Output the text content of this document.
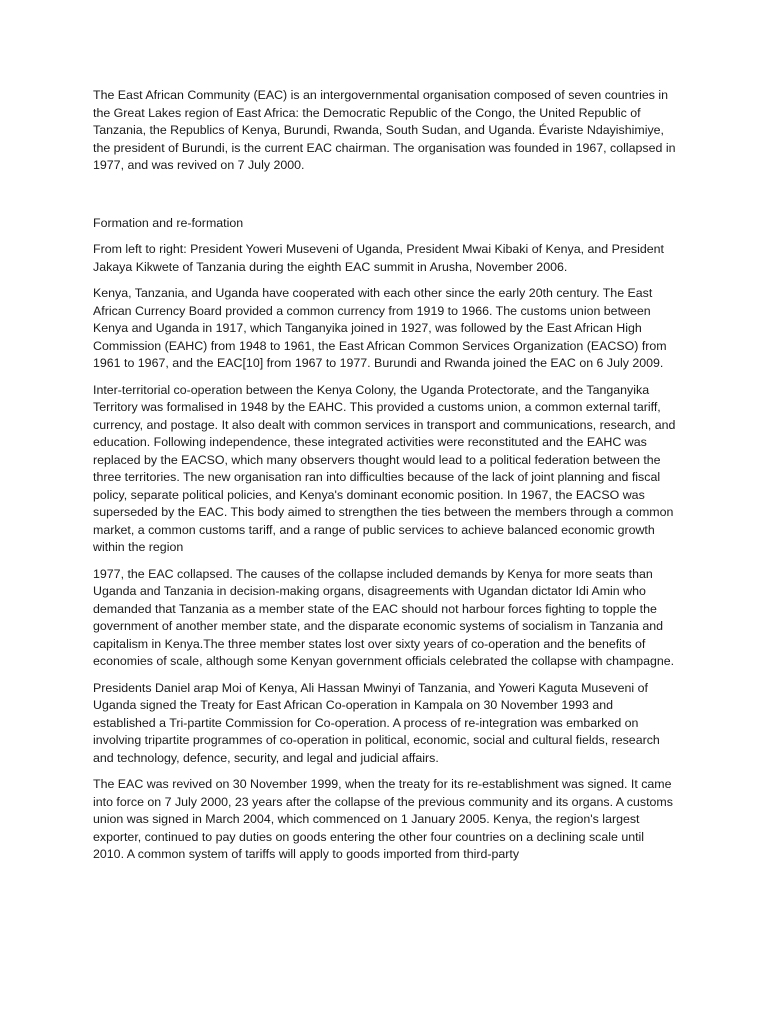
The East African Community (EAC) is an intergovernmental organisation composed of seven countries in the Great Lakes region of East Africa: the Democratic Republic of the Congo, the United Republic of Tanzania, the Republics of Kenya, Burundi, Rwanda, South Sudan, and Uganda. Évariste Ndayishimiye, the president of Burundi, is the current EAC chairman. The organisation was founded in 1967, collapsed in 1977, and was revived on 7 July 2000.

Formation and re-formation

From left to right: President Yoweri Museveni of Uganda, President Mwai Kibaki of Kenya, and President Jakaya Kikwete of Tanzania during the eighth EAC summit in Arusha, November 2006.

Kenya, Tanzania, and Uganda have cooperated with each other since the early 20th century. The East African Currency Board provided a common currency from 1919 to 1966. The customs union between Kenya and Uganda in 1917, which Tanganyika joined in 1927, was followed by the East African High Commission (EAHC) from 1948 to 1961, the East African Common Services Organization (EACSO) from 1961 to 1967, and the EAC[10] from 1967 to 1977. Burundi and Rwanda joined the EAC on 6 July 2009.

Inter-territorial co-operation between the Kenya Colony, the Uganda Protectorate, and the Tanganyika Territory was formalised in 1948 by the EAHC. This provided a customs union, a common external tariff, currency, and postage. It also dealt with common services in transport and communications, research, and education. Following independence, these integrated activities were reconstituted and the EAHC was replaced by the EACSO, which many observers thought would lead to a political federation between the three territories. The new organisation ran into difficulties because of the lack of joint planning and fiscal policy, separate political policies, and Kenya's dominant economic position. In 1967, the EACSO was superseded by the EAC. This body aimed to strengthen the ties between the members through a common market, a common customs tariff, and a range of public services to achieve balanced economic growth within the region

1977, the EAC collapsed. The causes of the collapse included demands by Kenya for more seats than Uganda and Tanzania in decision-making organs, disagreements with Ugandan dictator Idi Amin who demanded that Tanzania as a member state of the EAC should not harbour forces fighting to topple the government of another member state, and the disparate economic systems of socialism in Tanzania and capitalism in Kenya.The three member states lost over sixty years of co-operation and the benefits of economies of scale, although some Kenyan government officials celebrated the collapse with champagne.

Presidents Daniel arap Moi of Kenya, Ali Hassan Mwinyi of Tanzania, and Yoweri Kaguta Museveni of Uganda signed the Treaty for East African Co-operation in Kampala on 30 November 1993 and established a Tri-partite Commission for Co-operation. A process of re-integration was embarked on involving tripartite programmes of co-operation in political, economic, social and cultural fields, research and technology, defence, security, and legal and judicial affairs.

The EAC was revived on 30 November 1999, when the treaty for its re-establishment was signed. It came into force on 7 July 2000, 23 years after the collapse of the previous community and its organs. A customs union was signed in March 2004, which commenced on 1 January 2005. Kenya, the region's largest exporter, continued to pay duties on goods entering the other four countries on a declining scale until 2010. A common system of tariffs will apply to goods imported from third-party
